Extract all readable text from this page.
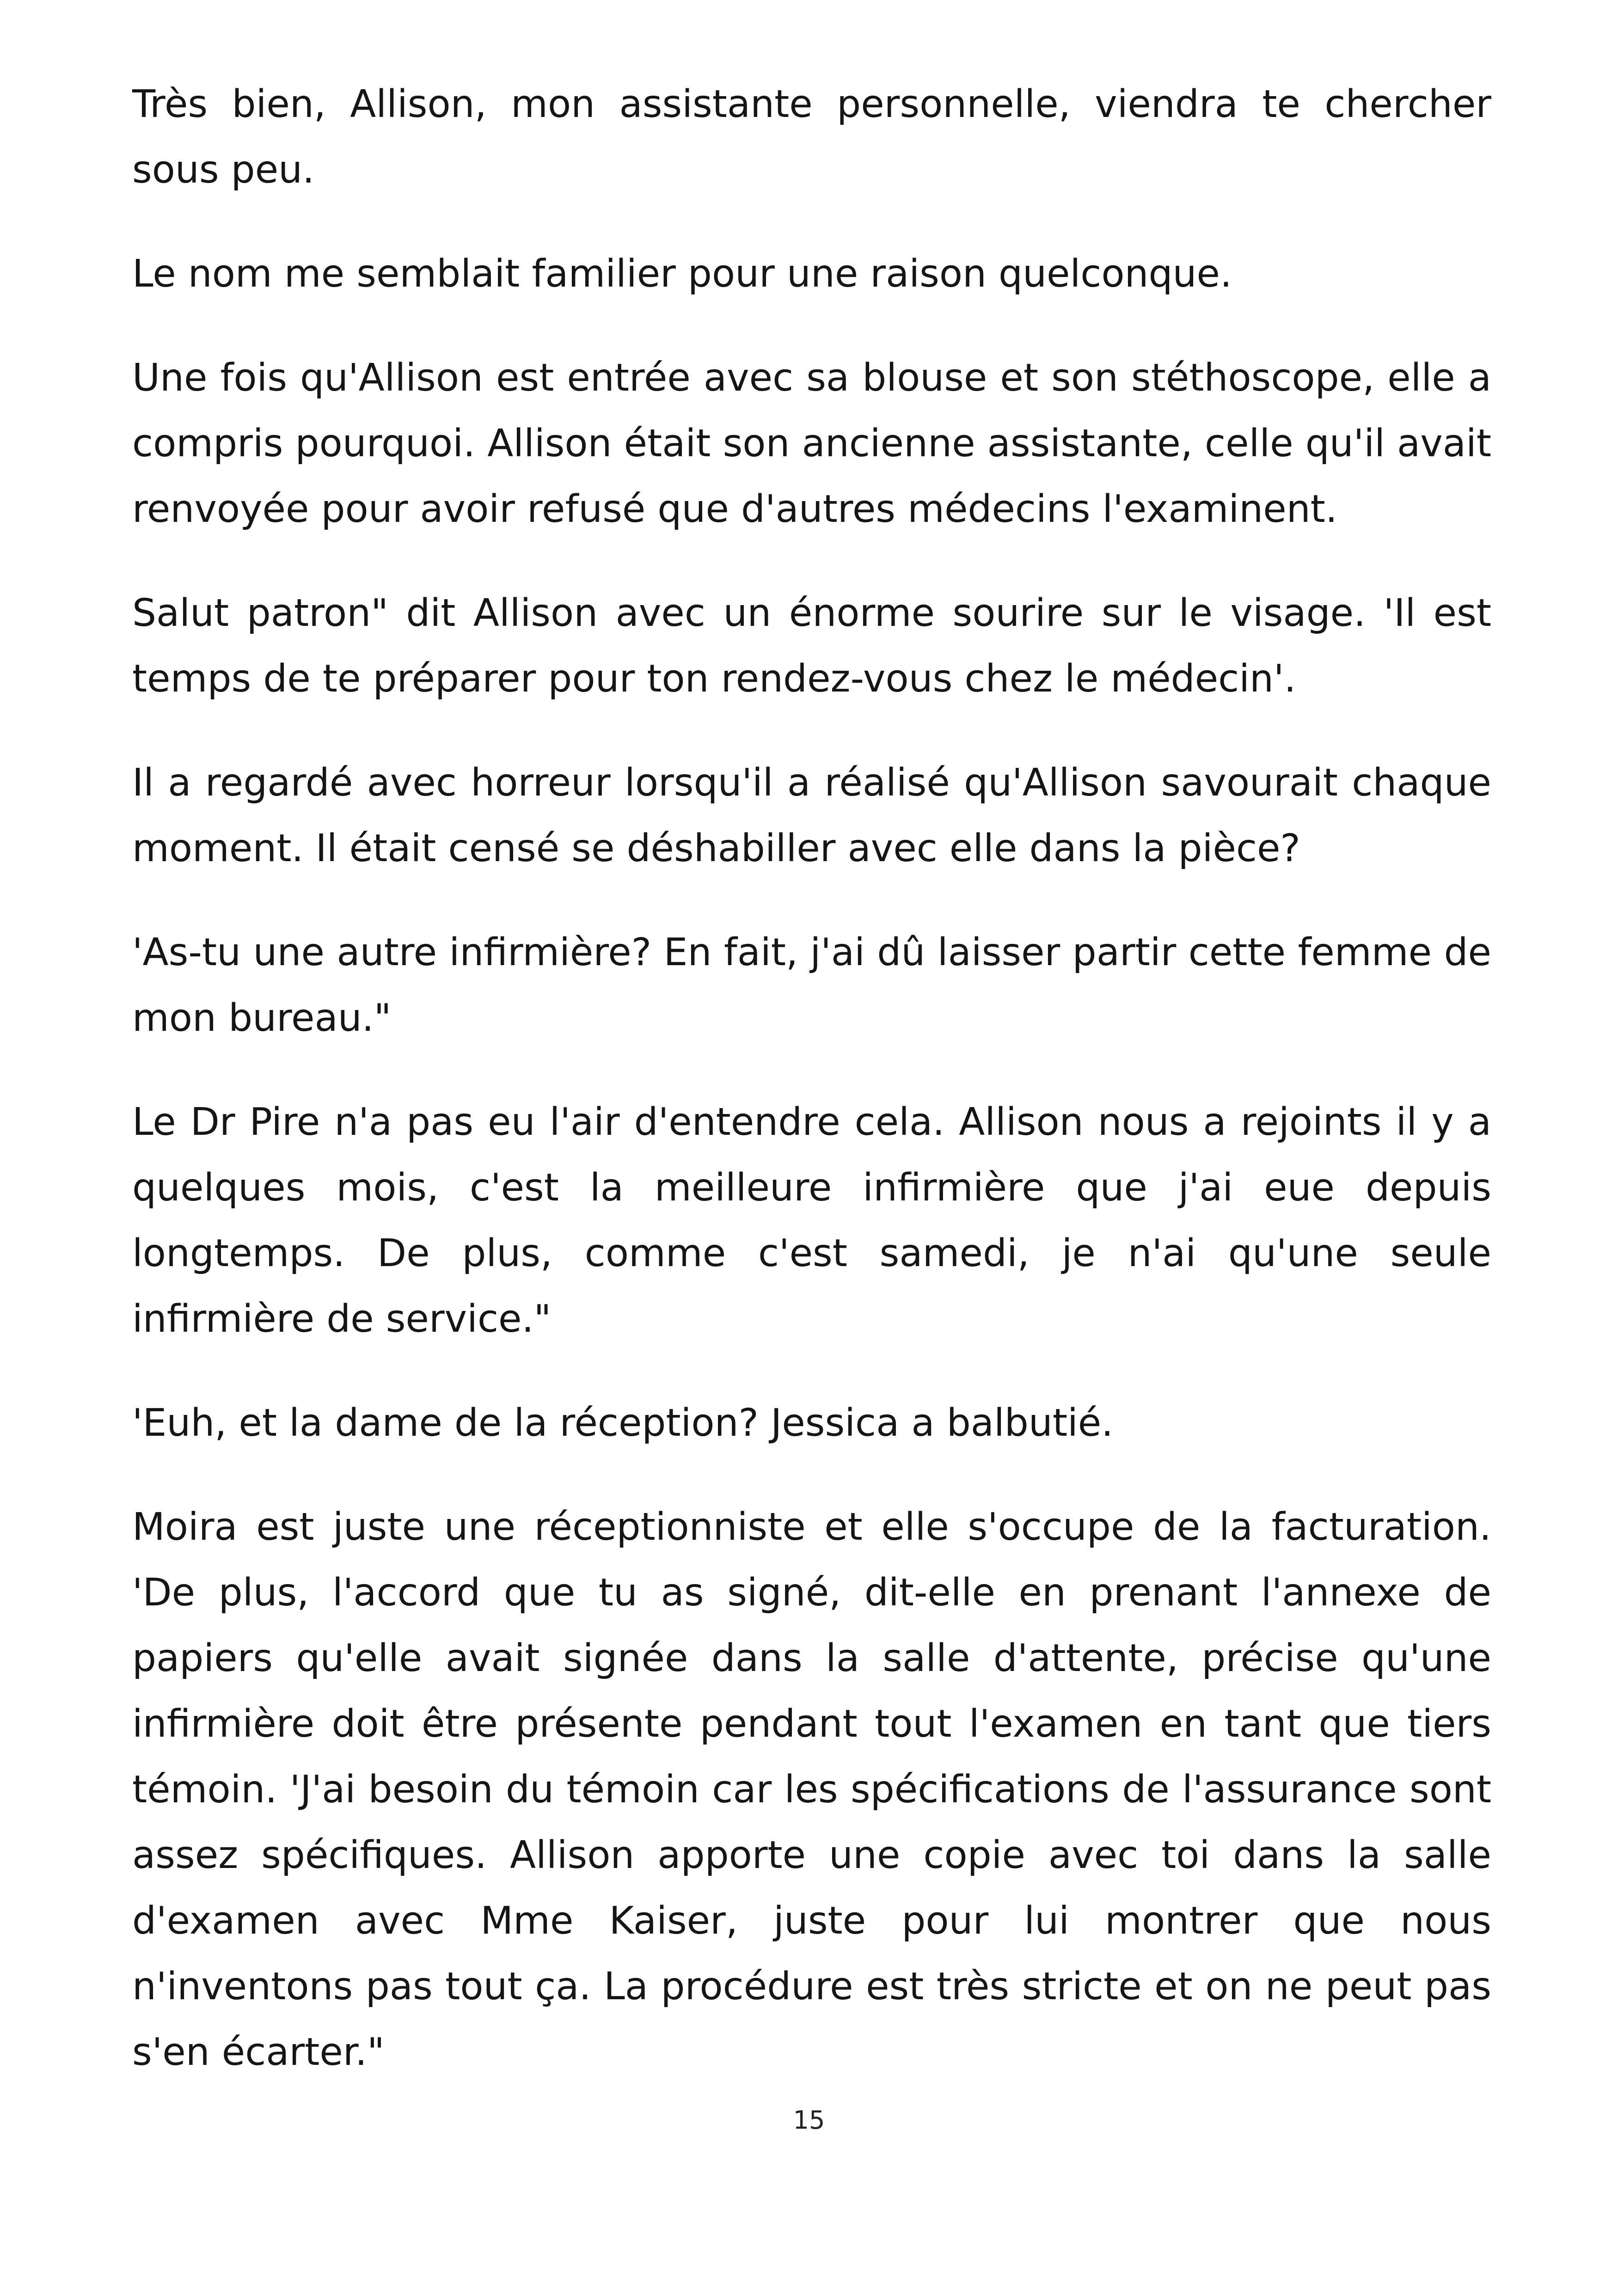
Très bien, Allison, mon assistante personnelle, viendra te chercher sous peu.

Le nom me semblait familier pour une raison quelconque.

Une fois qu'Allison est entrée avec sa blouse et son stéthoscope, elle a compris pourquoi. Allison était son ancienne assistante, celle qu'il avait renvoyée pour avoir refusé que d'autres médecins l'examinent.

Salut patron" dit Allison avec un énorme sourire sur le visage. 'Il est temps de te préparer pour ton rendez-vous chez le médecin'.

Il a regardé avec horreur lorsqu'il a réalisé qu'Allison savourait chaque moment. Il était censé se déshabiller avec elle dans la pièce?

'As-tu une autre infirmière? En fait, j'ai dû laisser partir cette femme de mon bureau."

Le Dr Pire n'a pas eu l'air d'entendre cela. Allison nous a rejoints il y a quelques mois, c'est la meilleure infirmière que j'ai eue depuis longtemps. De plus, comme c'est samedi, je n'ai qu'une seule infirmière de service."

'Euh, et la dame de la réception? Jessica a balbutié.

Moira est juste une réceptionniste et elle s'occupe de la facturation. 'De plus, l'accord que tu as signé, dit-elle en prenant l'annexe de papiers qu'elle avait signée dans la salle d'attente, précise qu'une infirmière doit être présente pendant tout l'examen en tant que tiers témoin. 'J'ai besoin du témoin car les spécifications de l'assurance sont assez spécifiques. Allison apporte une copie avec toi dans la salle d'examen avec Mme Kaiser, juste pour lui montrer que nous n'inventons pas tout ça. La procédure est très stricte et on ne peut pas s'en écarter."

15
